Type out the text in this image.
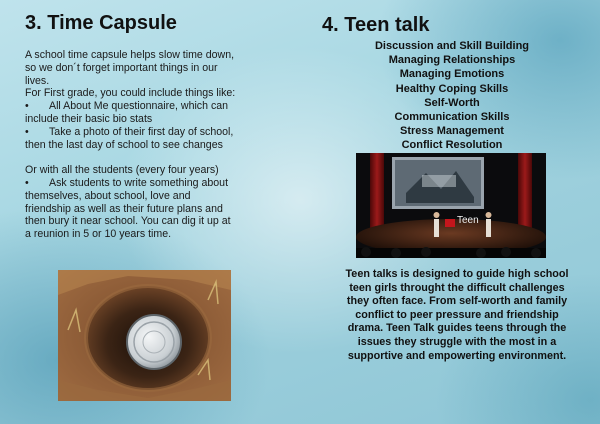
3. Time Capsule

A school time capsule helps slow time down,

so we don´t forget important things in our

lives.

For First grade, you could include things like:

•	All About Me questionnaire, which can

include their basic bio stats

•	Take a photo of their first day of school,

then the last day of school to see changes

Or with all the students (every four years)

•	Ask students to write something about

themselves, about school, love and

friendship as well as their future plans and

then bury it near school. You can dig it up at

a reunion in 5 or 10 years time.

4. Teen talk
Discussion and Skill Building
Managing Relationships
Managing Emotions
Healthy Coping Skills
Self-Worth
Communication Skills
Stress Management
Conflict Resolution
Teen
Teen talks is designed to guide high school
teen girls throught the difficult challenges
they often face. From self-worth and family
conflict to peer pressure and friendship
drama. Teen Talk guides teens through the
issues they struggle with the most in a
supportive and empowerting environment.
